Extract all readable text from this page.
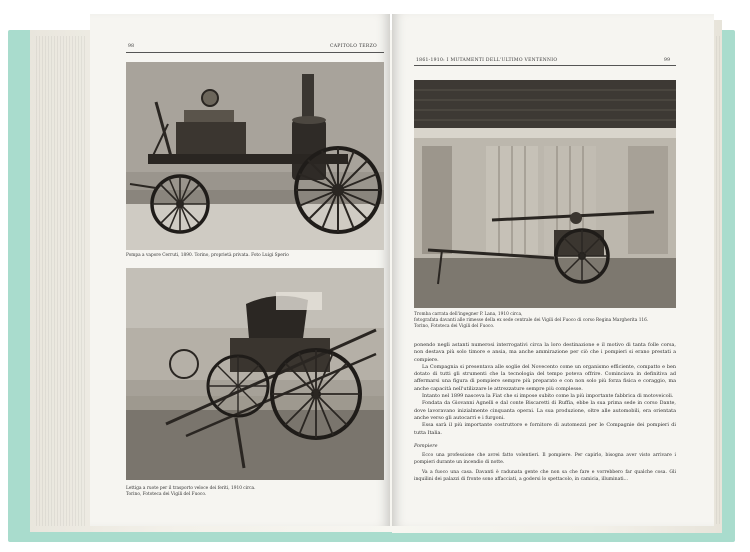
98	CAPITOLO TERZO
Pompa a vapore Cerruti, 1890. Torino, proprietà privata. Foto Luigi Sperio
Lettiga a ruote per il trasporto veloce dei feriti, 1910 circa.
Torino, Fototeca dei Vigili del Fuoco.
1861-1910: I MUTAMENTI DELL'ULTIMO VENTENNIO	99
Tromba carrata dell'ingegner P. Lana, 1910 circa,
fotografata davanti alle rimesse della ex sede centrale dei Vigili del Fuoco di corso Regina Margherita 116.
Torino, Fototeca dei Vigili del Fuoco.

ponendo negli astanti numerosi interrogativi circa la loro destinazione e il motivo di tanta folle corsa, non destava più solo timore e ansia, ma anche ammirazione per ciò che i pompieri si erano prestati a compiere.

La Compagnia si presentava alle soglie del Novecento come un organismo efficiente, compatto e ben dotato di tutti gli strumenti che la tecnologia del tempo poteva offrire. Cominciava in definitiva ad affermarsi una figura di pompiere sempre più preparato e con non solo più forza fisica e coraggio, ma anche capacità nell'utilizzare le attrezzature sempre più complesse.

Intanto nel 1899 nasceva la Fiat che si impose subito come la più importante fabbrica di motoveicoli.

Fondata da Giovanni Agnelli e dal conte Biscaretti di Ruffia, ebbe la sua prima sede in corso Dante, dove lavoravano inizialmente cinquanta operai. La sua produzione, oltre alle automobili, era orientata anche verso gli autocarri e i furgoni.

Essa sarà il più importante costruttore e fornitore di automezzi per le Compagnie dei pompieri di tutta Italia.

Pompiere

Ecco una professione che avrei fatto volentieri. Il pompiere. Per capirlo, bisogna aver visto arrivare i pompieri durante un incendio di notte.

Va a fuoco una casa. Davanti è radunata gente che non sa che fare e vorrebbero far qualche cosa. Gli inquilini dei palazzi di fronte sono affacciati, a godersi lo spettacolo, in camicia, illuminati...
